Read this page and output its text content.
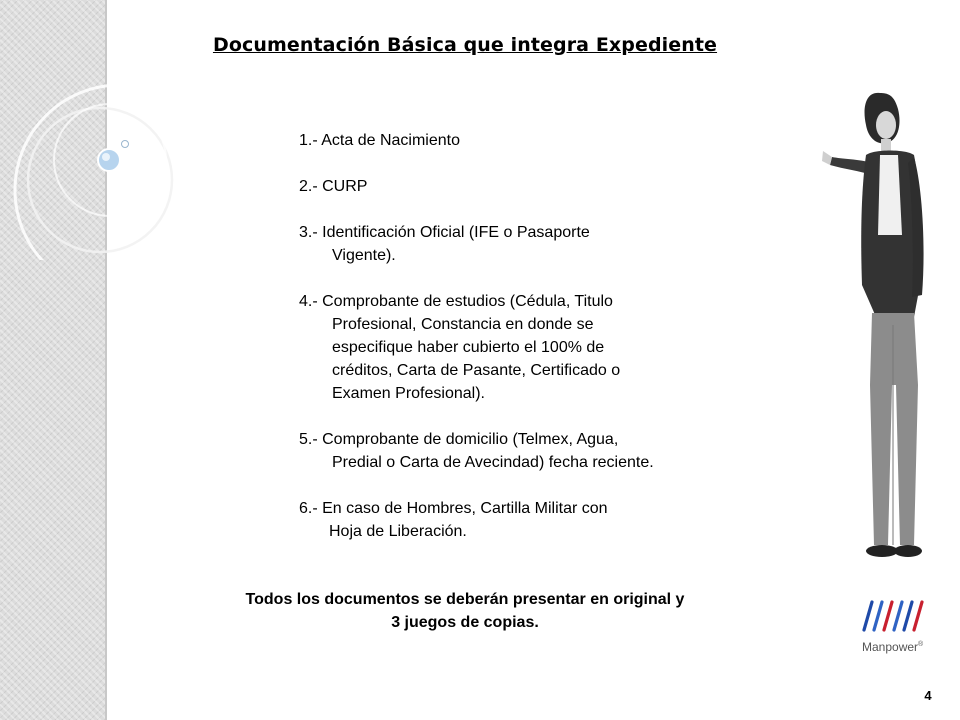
Documentación Básica que integra Expediente
1.- Acta de Nacimiento
2.- CURP
3.- Identificación Oficial (IFE o Pasaporte
Vigente).
4.- Comprobante de estudios (Cédula, Titulo
Profesional, Constancia en donde se
especifique haber cubierto el 100% de
créditos, Carta de Pasante, Certificado o
Examen Profesional).
5.- Comprobante de domicilio (Telmex, Agua,
Predial o Carta de Avecindad) fecha reciente.
6.- En caso de Hombres, Cartilla Militar con
Hoja de Liberación.
Todos los documentos se deberán presentar en original y
3 juegos de copias.
Manpower®
4
